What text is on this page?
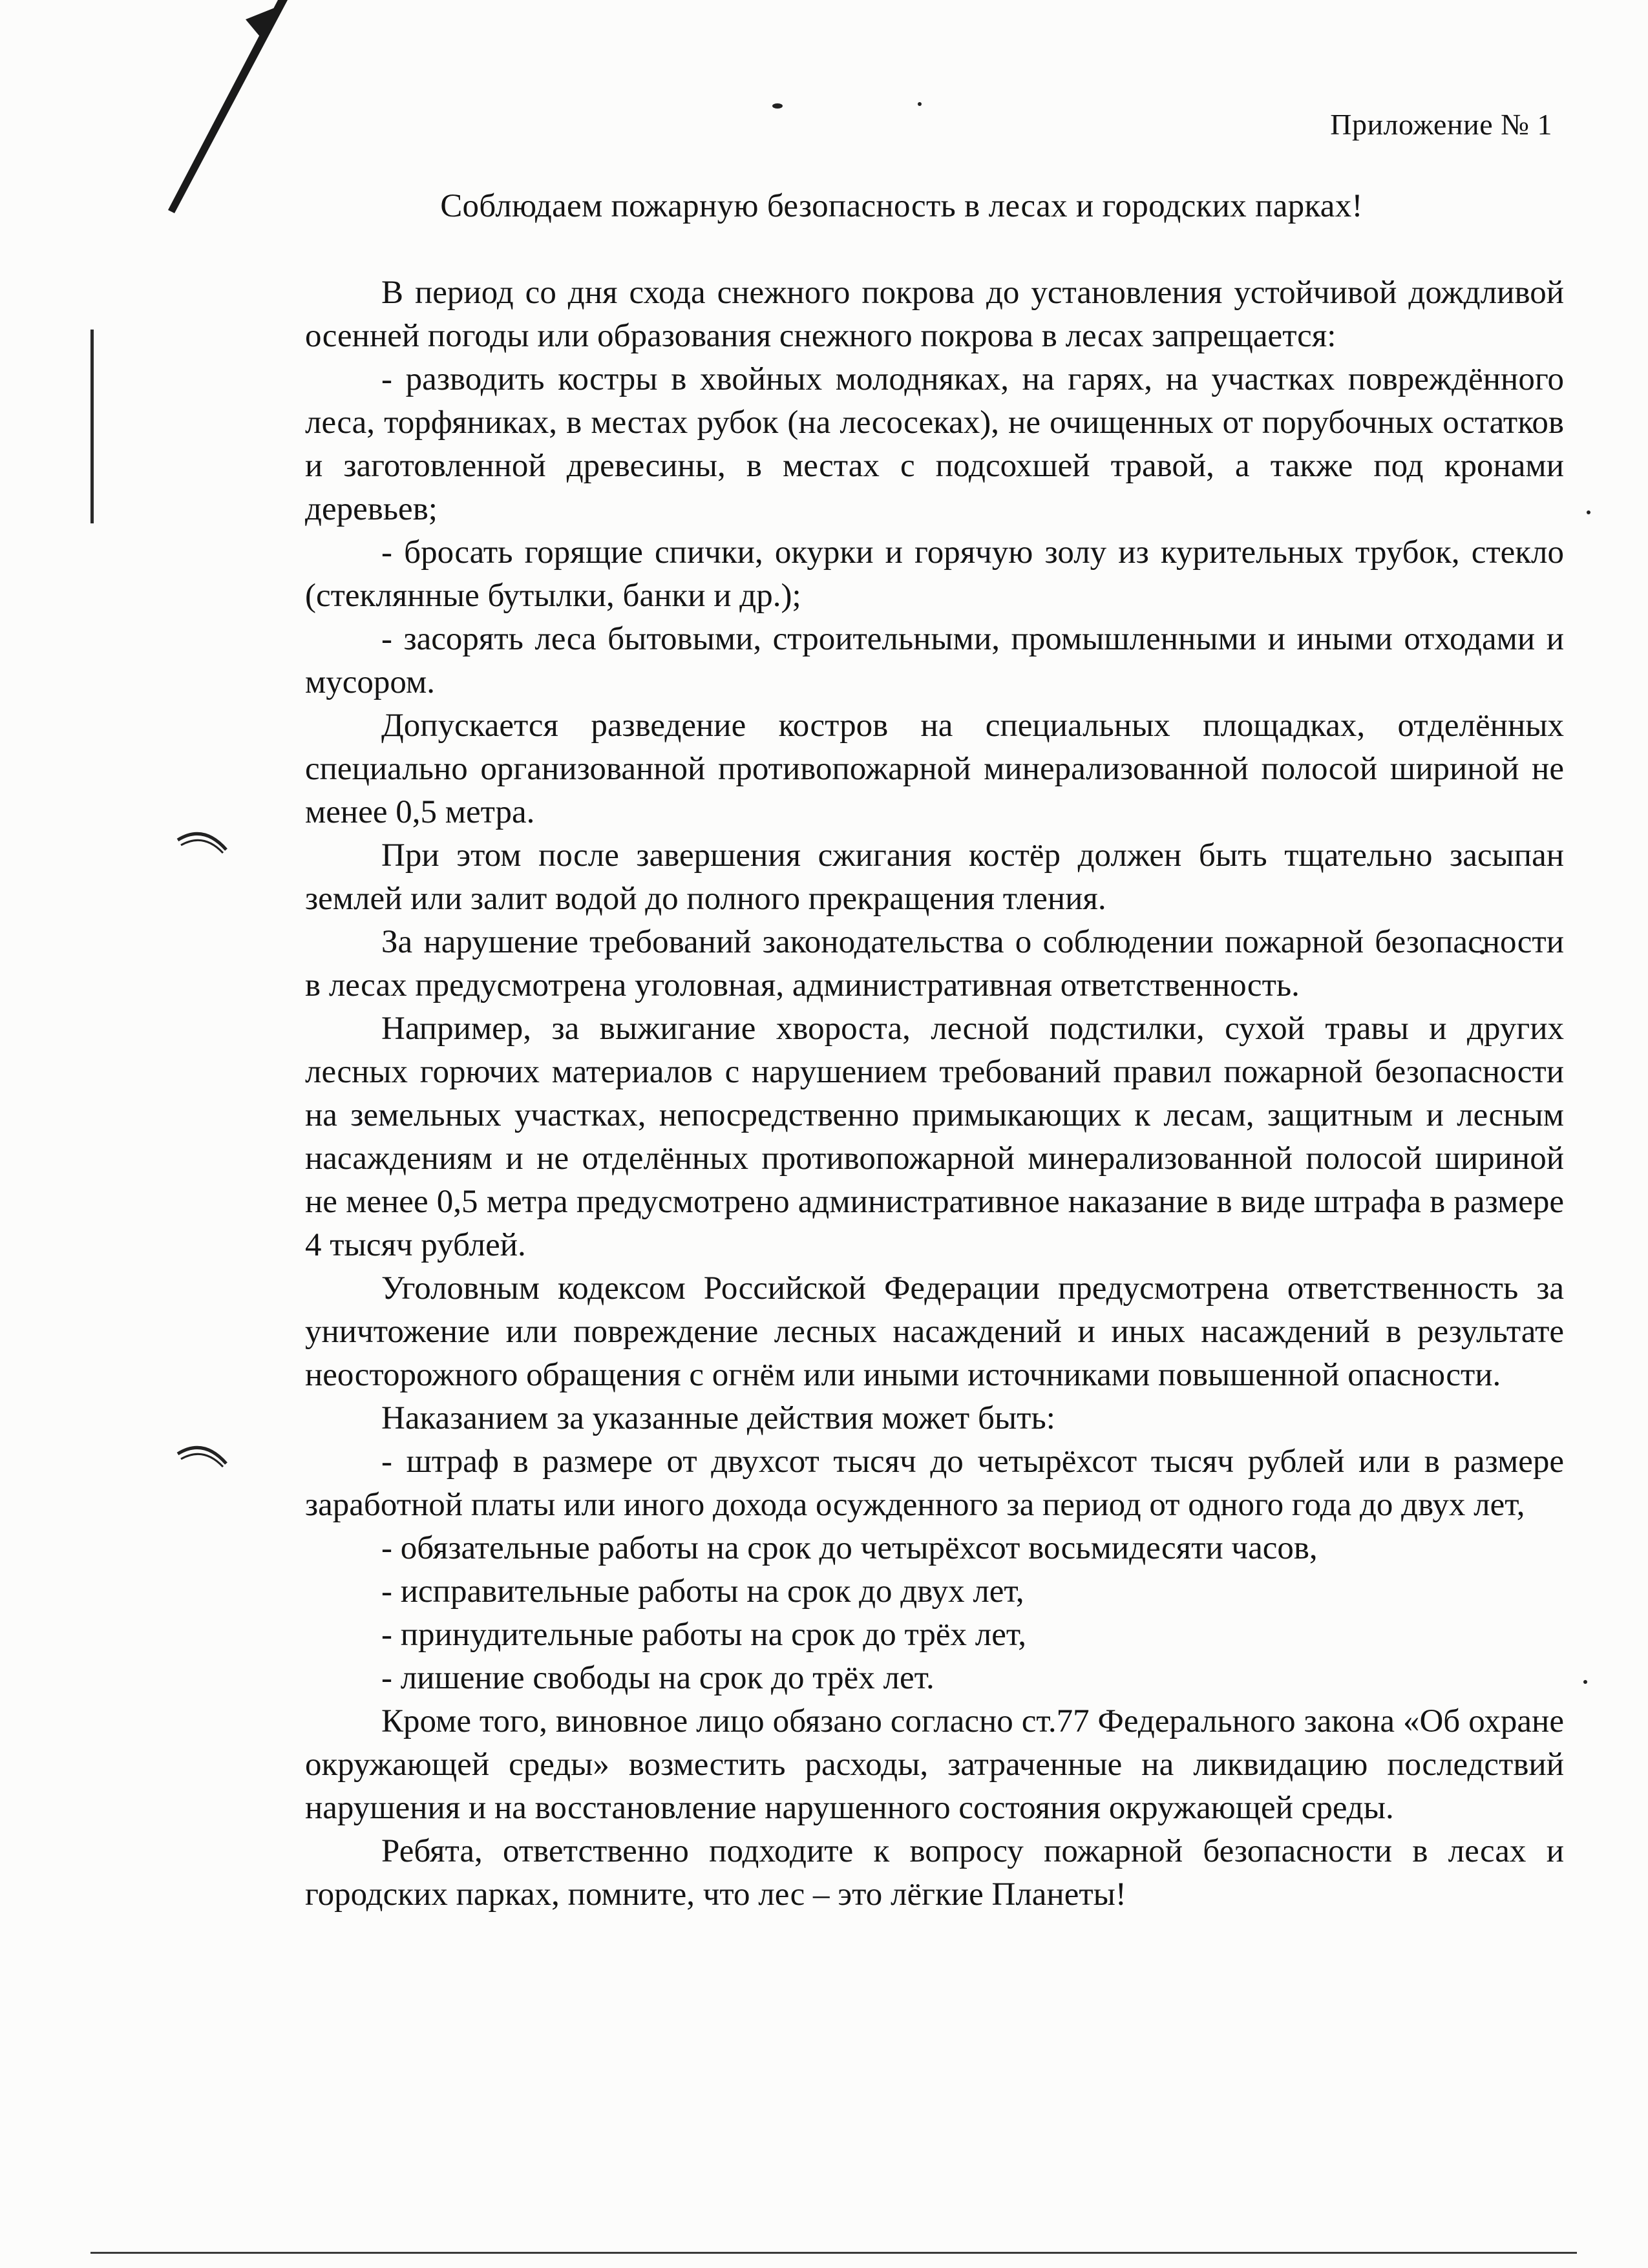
Приложение № 1
Соблюдаем пожарную безопасность в лесах и городских парках!

В период со дня схода снежного покрова до установления устойчивой дождливой осенней погоды или образования снежного покрова в лесах запрещается:

- разводить костры в хвойных молодняках, на гарях, на участках повреждённого леса, торфяниках, в местах рубок (на лесосеках), не очищенных от порубочных остатков и заготовленной древесины, в местах с подсохшей травой, а также под кронами деревьев;

- бросать горящие спички, окурки и горячую золу из курительных трубок, стекло (стеклянные бутылки, банки и др.);

- засорять леса бытовыми, строительными, промышленными и иными отходами и мусором.

Допускается разведение костров на специальных площадках, отделённых специально организованной противопожарной минерализованной полосой шириной не менее 0,5 метра.

При этом после завершения сжигания костёр должен быть тщательно засыпан землей или залит водой до полного прекращения тления.

За нарушение требований законодательства о соблюдении пожарной безопасности в лесах предусмотрена уголовная, административная ответственность.

Например, за выжигание хвороста, лесной подстилки, сухой травы и других лесных горючих материалов с нарушением требований правил пожарной безопасности на земельных участках, непосредственно примыкающих к лесам, защитным и лесным насаждениям и не отделённых противопожарной минерализованной полосой шириной не менее 0,5 метра предусмотрено административное наказание в виде штрафа в размере 4 тысяч рублей.

Уголовным кодексом Российской Федерации предусмотрена ответственность за уничтожение или повреждение лесных насаждений и иных насаждений в результате неосторожного обращения с огнём или иными источниками повышенной опасности.

Наказанием за указанные действия может быть:

- штраф в размере от двухсот тысяч до четырёхсот тысяч рублей или в размере заработной платы или иного дохода осужденного за период от одного года до двух лет,

- обязательные работы на срок до четырёхсот восьмидесяти часов,

- исправительные работы на срок до двух лет,

- принудительные работы на срок до трёх лет,

- лишение свободы на срок до трёх лет.

Кроме того, виновное лицо обязано согласно ст.77 Федерального закона «Об охране окружающей среды» возместить расходы, затраченные на ликвидацию последствий нарушения и на восстановление нарушенного состояния окружающей среды.

Ребята, ответственно подходите к вопросу пожарной безопасности в лесах и городских парках, помните, что лес – это лёгкие Планеты!
